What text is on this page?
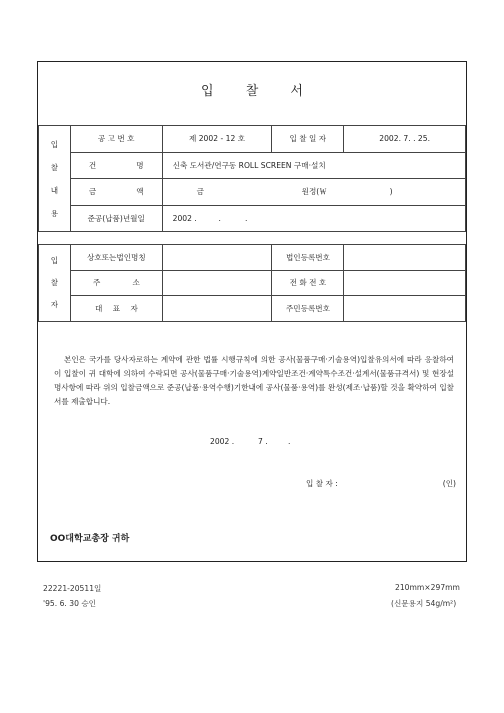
입 찰 서
입
찰
내
용	공 고 번 호	제 2002 - 12 호	입 찰 일 자	2002. 7. . 25.

	건 명	신축 도서관/연구동 ROLL SCREEN 구매·설치		

	금 액	금 원정(￦                          )		
	준공(납품)년월일	2002 .         .          .		
입
찰
자	상호또는법인명칭		법인등록번호	

	주 소		전 화 전 호	

	대 표 자		주민등록번호	
본인은 국가를 당사자로하는 계약에 관한 법률 시행규칙에 의한 공사(물품구매·기술용역)입찰유의서에 따라 응찰하여 이 입찰이 귀 대학에 의하여 수락되면 공사(물품구매·기술용역)계약일반조건·계약특수조건·설계서(물품규격서) 및 현장설명사항에 따라 위의 입찰금액으로 준공(납품·용역수행)기한내에 공사(물품·용역)를 완성(제조·납품)할 것을 확약하여 입찰서를 제출합니다.
2002 .	7 .	.
입 찰 자 :	(인)
OO대학교총장 귀하
22221-20511일
'95. 6. 30 승인
210mm×297mm
(신문용지 54g/m²)
